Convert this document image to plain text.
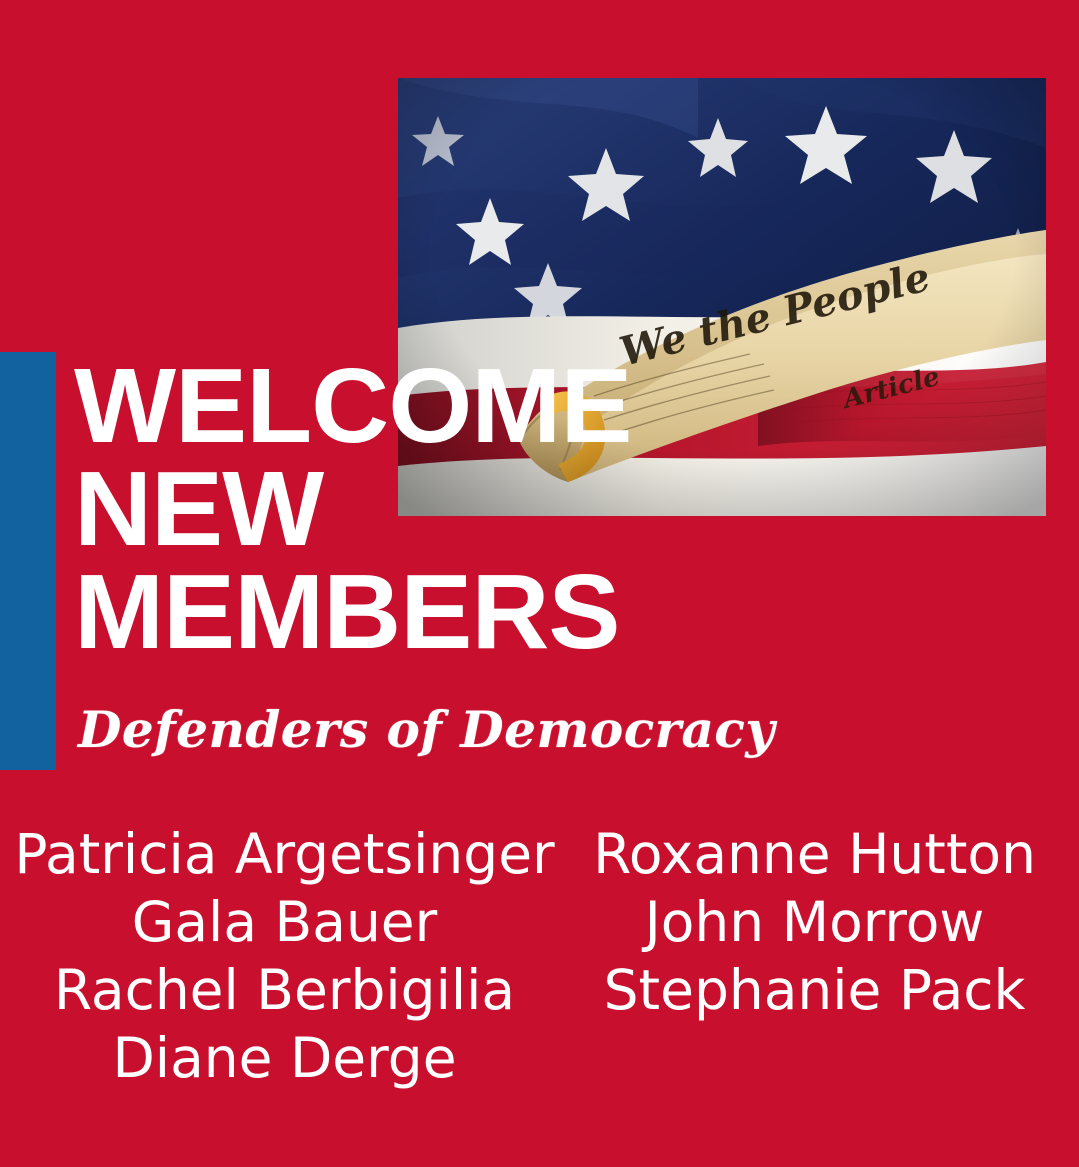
WELCOME
NEW
MEMBERS
Defenders of Democracy
Patricia Argetsinger
Gala Bauer
Rachel Berbigilia
Diane Derge
Roxanne Hutton
John Morrow
Stephanie Pack
